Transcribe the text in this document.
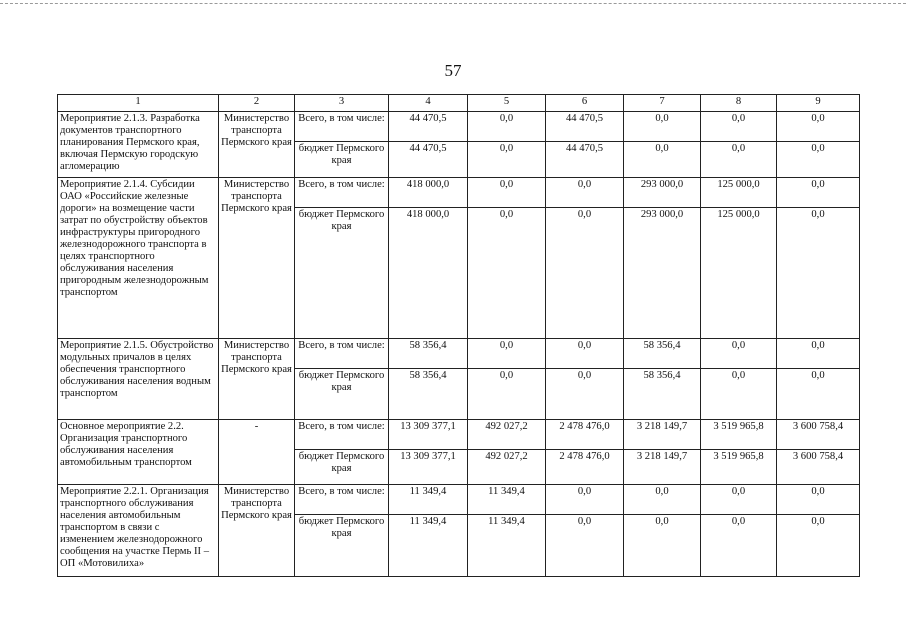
57
1	2	3	4	5	6	7	8	9
Мероприятие 2.1.3. Разработка документов транспортного планирования Пермского края, включая Пермскую городскую агломерацию	Министерство транспорта Пермского края	Всего, в том числе:	44 470,5	0,0	44 470,5	0,0	0,0	0,0
		бюджет Пермского края	44 470,5	0,0	44 470,5	0,0	0,0	0,0
Мероприятие 2.1.4. Субсидии ОАО «Российские железные дороги» на возмещение части затрат по обустройству объектов инфраструктуры пригородного железнодорожного транспорта в целях транспортного обслуживания населения пригородным железнодорожным транспортом	Министерство транспорта Пермского края	Всего, в том числе:	418 000,0	0,0	0,0	293 000,0	125 000,0	0,0
		бюджет Пермского края	418 000,0	0,0	0,0	293 000,0	125 000,0	0,0
Мероприятие 2.1.5. Обустройство модульных причалов в целях обеспечения транспортного обслуживания населения водным транспортом	Министерство транспорта Пермского края	Всего, в том числе:	58 356,4	0,0	0,0	58 356,4	0,0	0,0
		бюджет Пермского края	58 356,4	0,0	0,0	58 356,4	0,0	0,0
Основное мероприятие 2.2. Организация транспортного обслуживания населения автомобильным транспортом	-	Всего, в том числе:	13 309 377,1	492 027,2	2 478 476,0	3 218 149,7	3 519 965,8	3 600 758,4
		бюджет Пермского края	13 309 377,1	492 027,2	2 478 476,0	3 218 149,7	3 519 965,8	3 600 758,4
Мероприятие 2.2.1. Организация транспортного обслуживания населения автомобильным транспортом в связи с изменением железнодорожного сообщения на участке Пермь II – ОП «Мотовилиха»	Министерство транспорта Пермского края	Всего, в том числе:	11 349,4	11 349,4	0,0	0,0	0,0	0,0
		бюджет Пермского края	11 349,4	11 349,4	0,0	0,0	0,0	0,0
